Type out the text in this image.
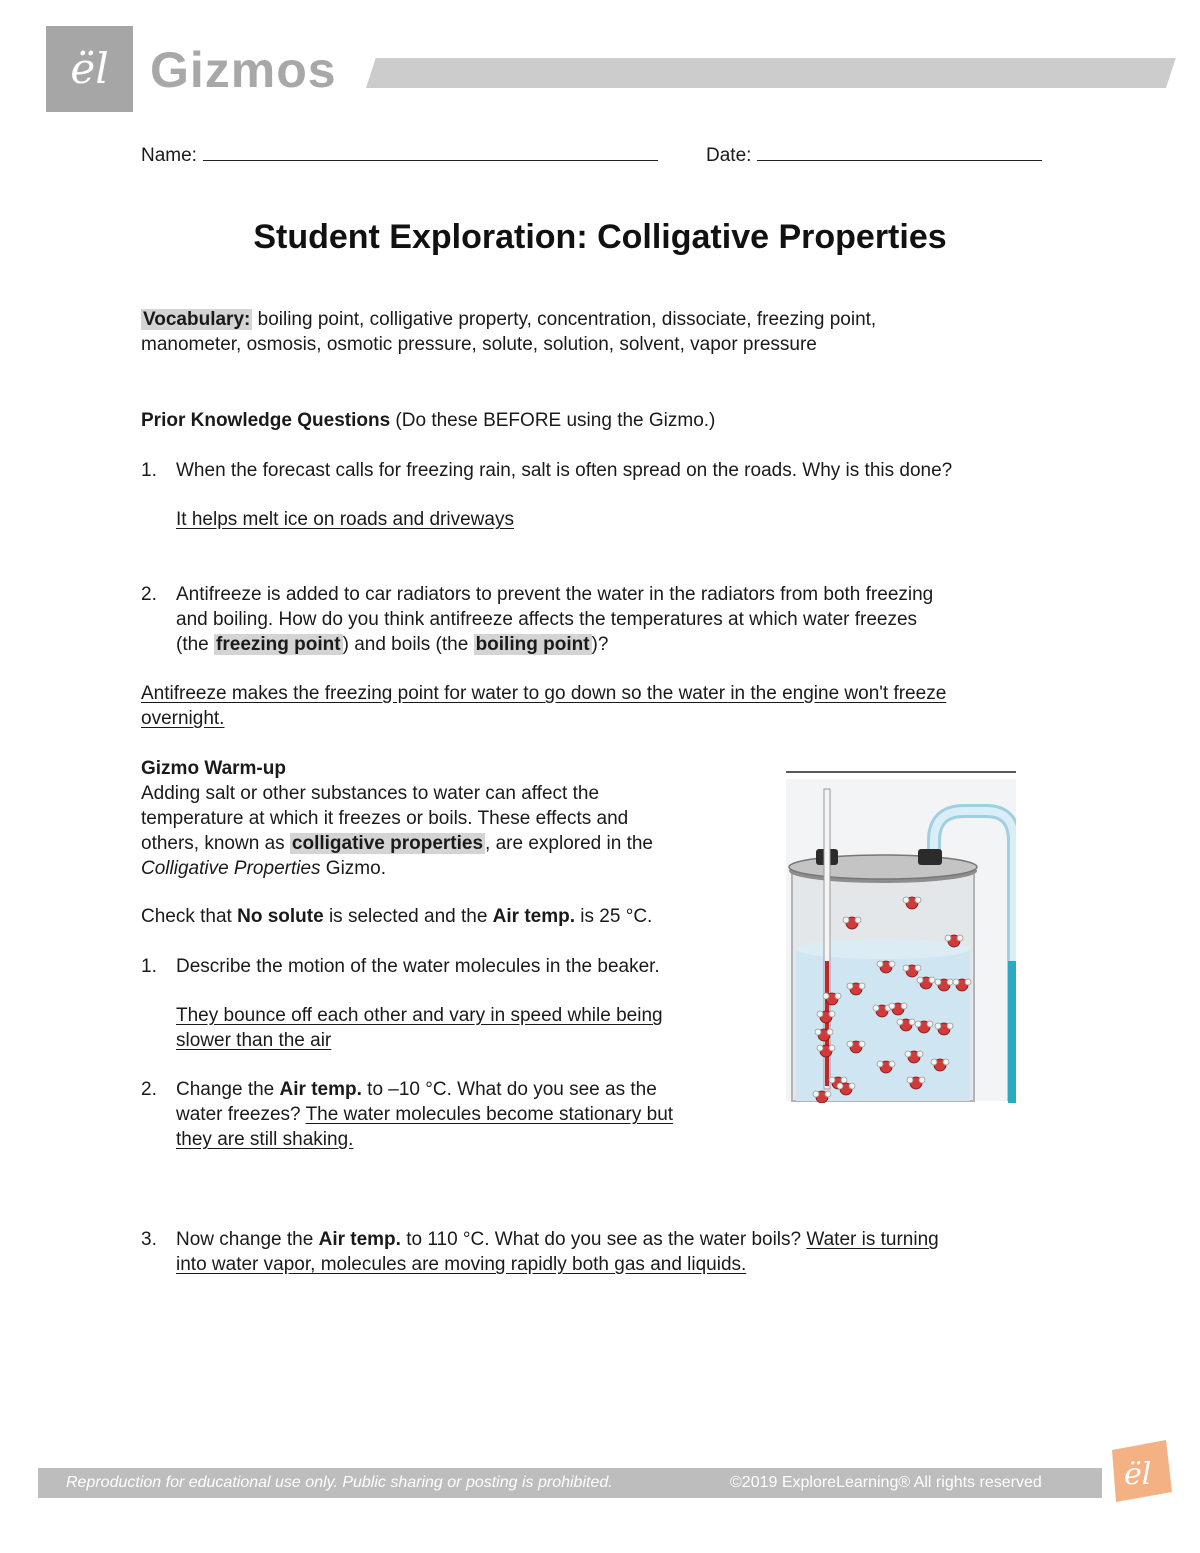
ël Gizmos
Name:	Date:
Student Exploration: Colligative Properties
Vocabulary: boiling point, colligative property, concentration, dissociate, freezing point,
manometer, osmosis, osmotic pressure, solute, solution, solvent, vapor pressure
Prior Knowledge Questions (Do these BEFORE using the Gizmo.)
1.	When the forecast calls for freezing rain, salt is often spread on the roads. Why is this done?
It helps melt ice on roads and driveways
2.	Antifreeze is added to car radiators to prevent the water in the radiators from both freezing
and boiling. How do you think antifreeze affects the temperatures at which water freezes
(the freezing point ) and boils (the boiling point )?
Antifreeze makes the freezing point for water to go down so the water in the engine won't freeze
overnight.
Gizmo Warm-up
Adding salt or other substances to water can affect the
temperature at which it freezes or boils. These effects and
others, known as colligative properties , are explored in the
Colligative Properties Gizmo.
Check that No solute is selected and the Air temp. is 25 °C.
1.	Describe the motion of the water molecules in the beaker.
They bounce off each other and vary in speed while being
slower than the air
2.	Change the Air temp. to –10 °C. What do you see as the
water freezes? The water molecules become stationary but
they are still shaking.
3.	Now change the Air temp. to 110 °C. What do you see as the water boils? Water is turning
into water vapor, molecules are moving rapidly both gas and liquids.
Reproduction for educational use only. Public sharing or posting is prohibited.	©2019 ExploreLearning® All rights reserved	ël
